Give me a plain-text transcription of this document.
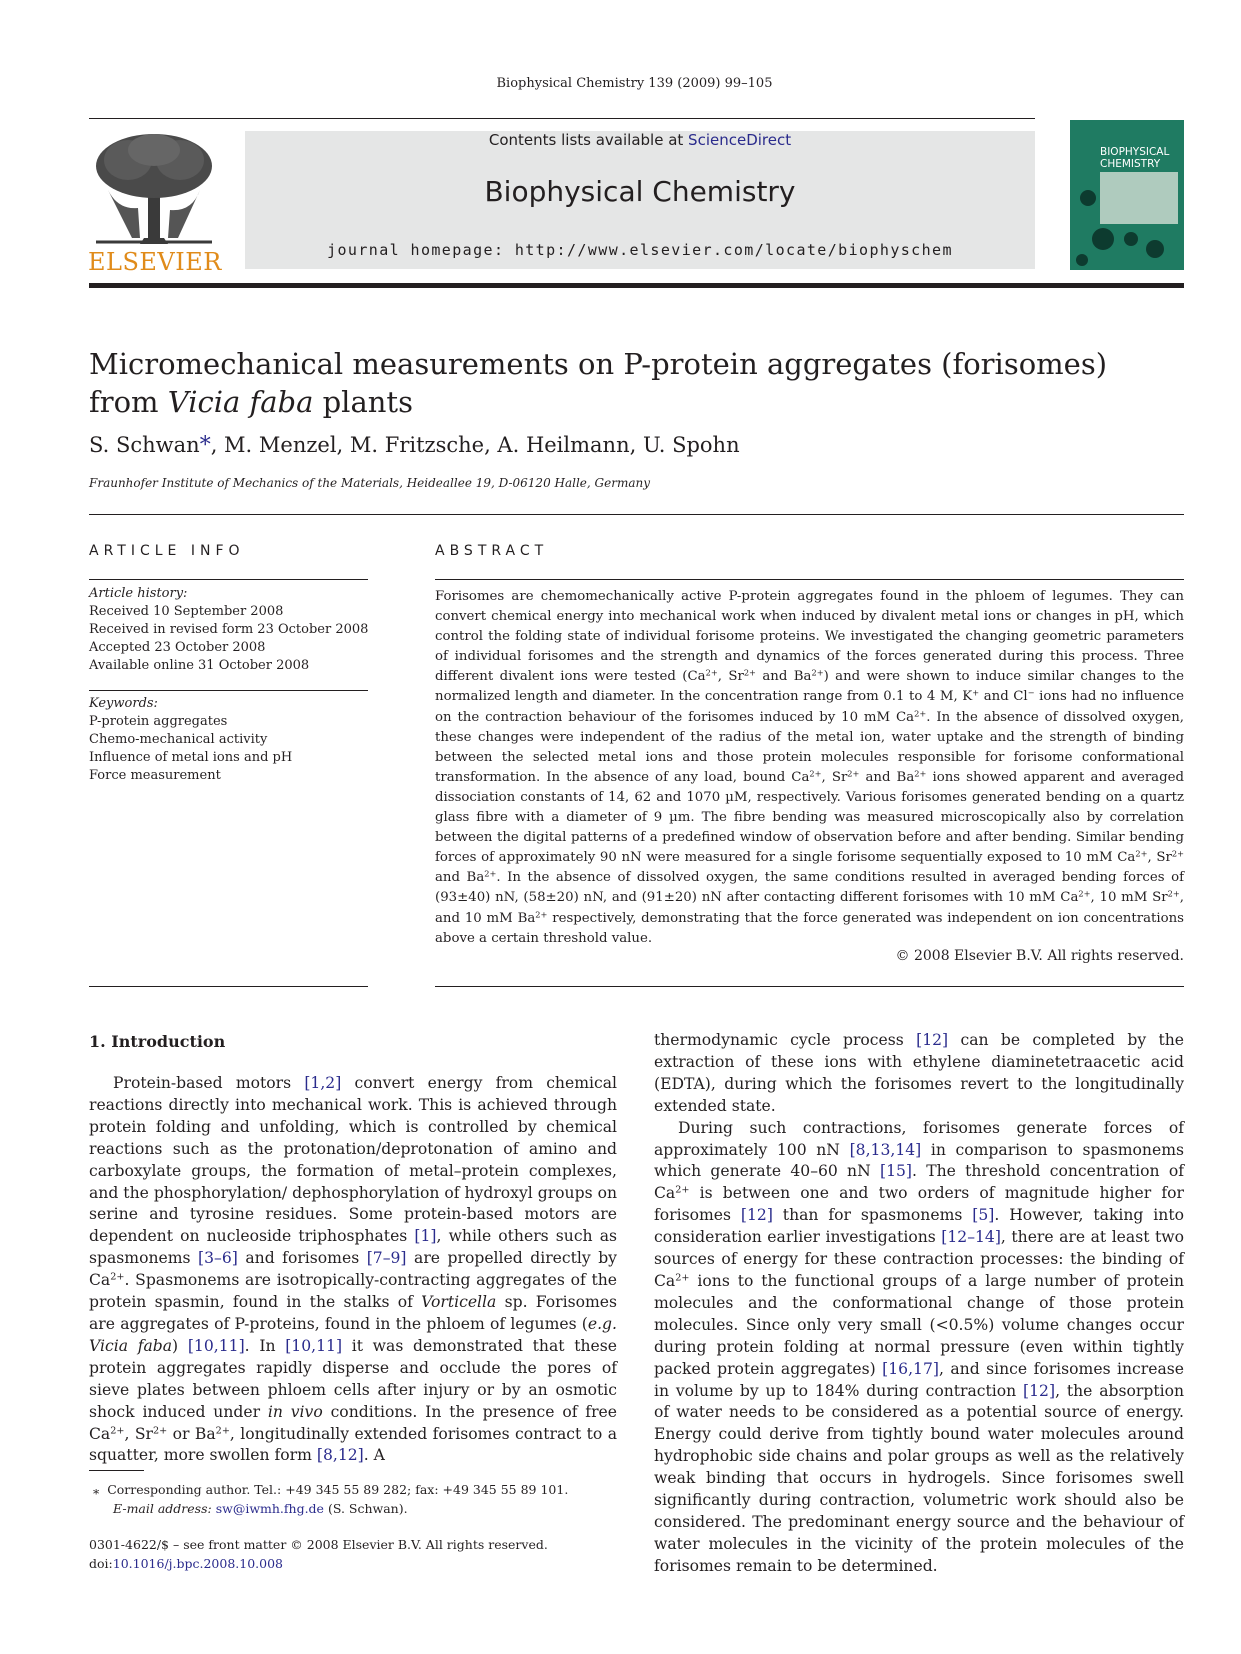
Biophysical Chemistry 139 (2009) 99–105
ELSEVIER
Contents lists available at ScienceDirect
Biophysical Chemistry
journal homepage: http://www.elsevier.com/locate/biophyschem
BIOPHYSICAL
CHEMISTRY
Micromechanical measurements on P-protein aggregates (forisomes)
from Vicia faba plants
S. Schwan*, M. Menzel, M. Fritzsche, A. Heilmann, U. Spohn
Fraunhofer Institute of Mechanics of the Materials, Heideallee 19, D-06120 Halle, Germany
ARTICLE INFO
Article history:
Received 10 September 2008
Received in revised form 23 October 2008
Accepted 23 October 2008
Available online 31 October 2008
Keywords:
P-protein aggregates
Chemo-mechanical activity
Influence of metal ions and pH
Force measurement
ABSTRACT
Forisomes are chemomechanically active P-protein aggregates found in the phloem of legumes. They can convert chemical energy into mechanical work when induced by divalent metal ions or changes in pH, which control the folding state of individual forisome proteins. We investigated the changing geometric parameters of individual forisomes and the strength and dynamics of the forces generated during this process. Three different divalent ions were tested ($Ca^{2+}$, $Sr^{2+}$ and $Ba^{2+}$) and were shown to induce similar changes to the normalized length and diameter. In the concentration range from 0.1 to 4 M, K+ and Cl− ions had no influence on the contraction behaviour of the forisomes induced by 10 mM $Ca^{2+}$. In the absence of dissolved oxygen, these changes were independent of the radius of the metal ion, water uptake and the strength of binding between the selected metal ions and those protein molecules responsible for forisome conformational transformation. In the absence of any load, bound $Ca^{2+}$, $Sr^{2+}$ and $Ba^{2+}$ ions showed apparent and averaged dissociation constants of 14, 62 and 1070 µM, respectively. Various forisomes generated bending on a quartz glass fibre with a diameter of 9 µm. The fibre bending was measured microscopically also by correlation between the digital patterns of a predefined window of observation before and after bending. Similar bending forces of approximately 90 nN were measured for a single forisome sequentially exposed to 10 mM $Ca^{2+}$, $Sr^{2+}$ and $Ba^{2+}$. In the absence of dissolved oxygen, the same conditions resulted in averaged bending forces of (93±40) nN, (58±20) nN, and (91±20) nN after contacting different forisomes with 10 mM $Ca^{2+}$, 10 mM $Sr^{2+}$, and 10 mM $Ba^{2+}$ respectively, demonstrating that the force generated was independent on ion concentrations above a certain threshold value.
© 2008 Elsevier B.V. All rights reserved.
1. Introduction

Protein-based motors [1,2] convert energy from chemical reactions directly into mechanical work. This is achieved through protein folding and unfolding, which is controlled by chemical reactions such as the protonation/deprotonation of amino and carboxylate groups, the formation of metal–protein complexes, and the phosphorylation/ dephosphorylation of hydroxyl groups on serine and tyrosine residues. Some protein-based motors are dependent on nucleoside triphosphates [1], while others such as spasmonems [3–6] and forisomes [7–9] are propelled directly by $Ca^{2+}$. Spasmonems are isotropically-contracting aggregates of the protein spasmin, found in the stalks of Vorticella sp. Forisomes are aggregates of P-proteins, found in the phloem of legumes (e.g. Vicia faba) [10,11]. In [10,11] it was demonstrated that these protein aggregates rapidly disperse and occlude the pores of sieve plates between phloem cells after injury or by an osmotic shock induced under in vivo conditions. In the presence of free $Ca^{2+}$, $Sr^{2+}$ or $Ba^{2+}$, longitudinally extended forisomes contract to a squatter, more swollen form [8,12]. A

thermodynamic cycle process [12] can be completed by the extraction of these ions with ethylene diaminetetraacetic acid (EDTA), during which the forisomes revert to the longitudinally extended state.

During such contractions, forisomes generate forces of approximately 100 nN [8,13,14] in comparison to spasmonems which generate 40–60 nN [15]. The threshold concentration of $Ca^{2+}$ is between one and two orders of magnitude higher for forisomes [12] than for spasmonems [5]. However, taking into consideration earlier investigations [12–14], there are at least two sources of energy for these contraction processes: the binding of $Ca^{2+}$ ions to the functional groups of a large number of protein molecules and the conformational change of those protein molecules. Since only very small (<0.5%) volume changes occur during protein folding at normal pressure (even within tightly packed protein aggregates) [16,17], and since forisomes increase in volume by up to 184% during contraction [12], the absorption of water needs to be considered as a potential source of energy. Energy could derive from tightly bound water molecules around hydrophobic side chains and polar groups as well as the relatively weak binding that occurs in hydrogels. Since forisomes swell significantly during contraction, volumetric work should also be considered. The predominant energy source and the behaviour of water molecules in the vicinity of the protein molecules of the forisomes remain to be determined.

⁎ Corresponding author. Tel.: +49 345 55 89 282; fax: +49 345 55 89 101.
E-mail address: sw@iwmh.fhg.de (S. Schwan).
0301-4622/$ – see front matter © 2008 Elsevier B.V. All rights reserved.
doi:10.1016/j.bpc.2008.10.008
